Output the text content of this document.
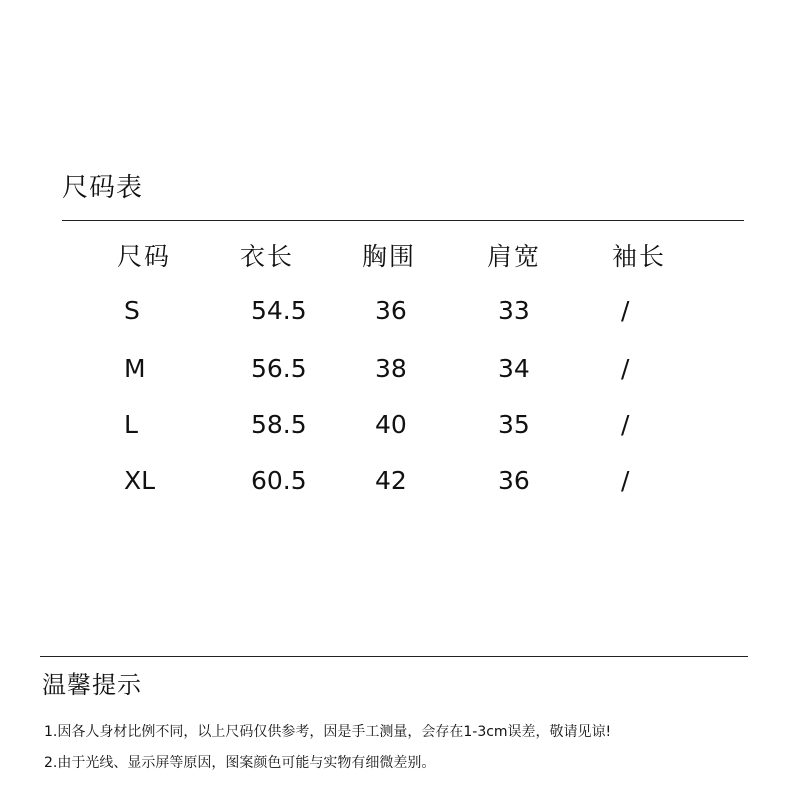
尺码表
尺码	衣长	胸围	肩宽	袖长
S	54.5	36	33	/
M	56.5	38	34	/
L	58.5	40	35	/
XL	60.5	42	36	/
温馨提示
1.因各人身材比例不同，以上尺码仅供参考，因是手工测量，会存在1-3cm误差，敬请见谅!
2.由于光线、显示屏等原因，图案颜色可能与实物有细微差别。
